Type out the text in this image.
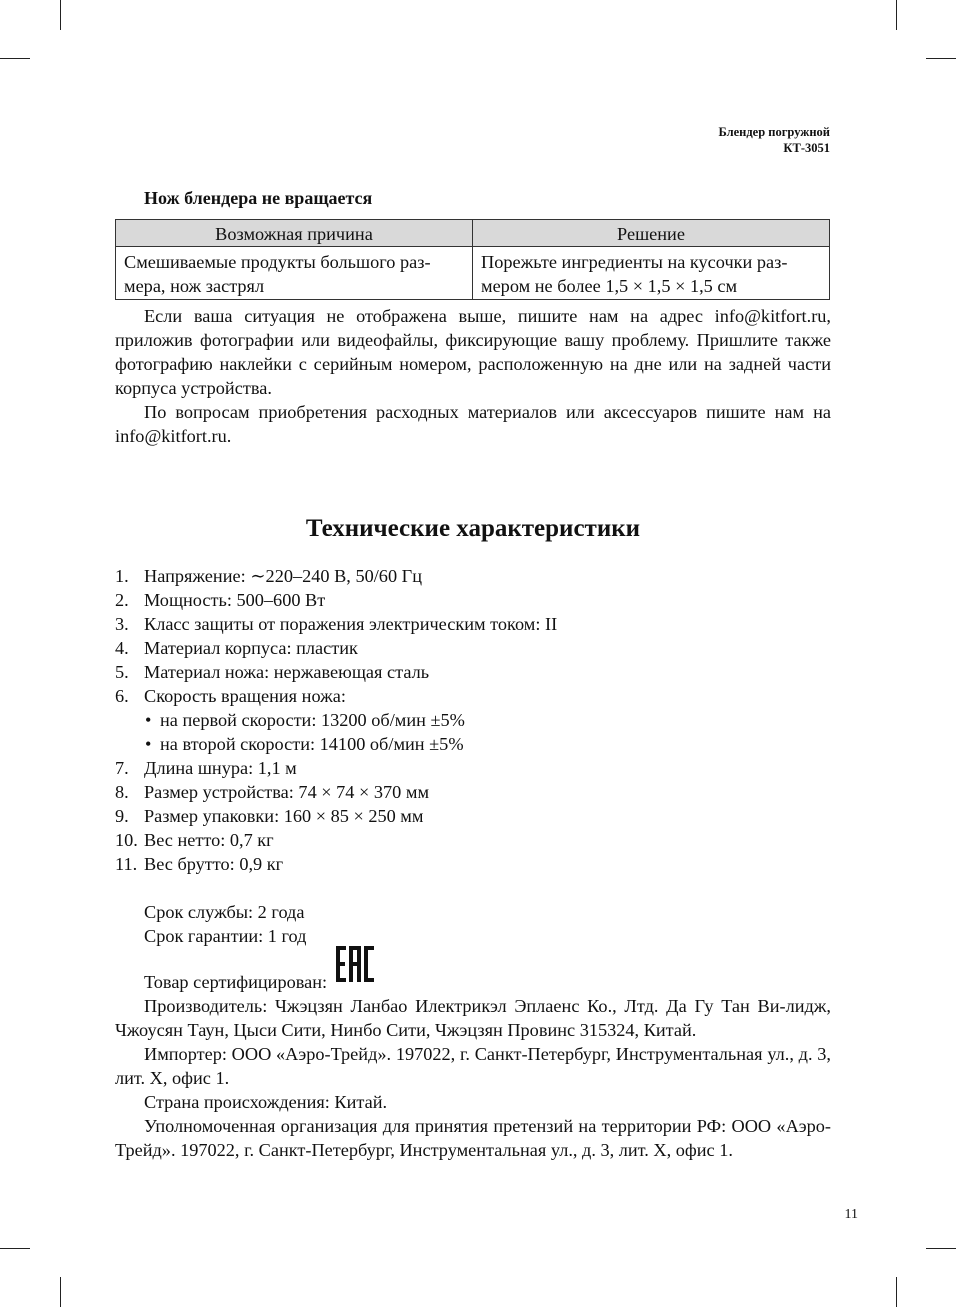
Блендер погружной
КТ-3051
Нож блендера не вращается
Возможная причина	Решение
Смешиваемые продукты большого раз-мера, нож застрял	Порежьте ингредиенты на кусочки раз-мером не более 1,5 × 1,5 × 1,5 см

Если ваша ситуация не отображена выше, пишите нам на адрес info@kitfort.ru, приложив фотографии или видеофайлы, фиксирующие вашу проблему. Пришлите также фотографию наклейки с серийным номером, расположенную на дне или на задней части корпуса устройства.

По вопросам приобретения расходных материалов или аксессуаров пишите нам на info@kitfort.ru.

Технические характеристики
1. Напряжение: ∼220–240 В, 50/60 Гц
2. Мощность: 500–600 Вт
3. Класс защиты от поражения электрическим током: II
4. Материал корпуса: пластик
5. Материал ножа: нержавеющая сталь
6. Скорость вращения ножа:
• на первой скорости: 13200 об/мин ±5%
• на второй скорости: 14100 об/мин ±5%
7. Длина шнура: 1,1 м
8. Размер устройства: 74 × 74 × 370 мм
9. Размер упаковки: 160 × 85 × 250 мм
10. Вес нетто: 0,7 кг
11. Вес брутто: 0,9 кг
Срок службы: 2 года
Срок гарантии: 1 год
Товар сертифицирован:

Производитель: Чжэцзян Ланбао Илектрикэл Эплаенс Ко., Лтд. Да Гу Тан Ви-лидж, Чжоусян Таун, Цыси Сити, Нинбо Сити, Чжэцзян Провинс 315324, Китай.

Импортер: ООО «Аэро-Трейд». 197022, г. Санкт-Петербург, Инструментальная ул., д. 3, лит. Х, офис 1.

Страна происхождения: Китай.

Уполномоченная организация для принятия претензий на территории РФ: ООО «Аэро-Трейд». 197022, г. Санкт-Петербург, Инструментальная ул., д. 3, лит. Х, офис 1.

11
